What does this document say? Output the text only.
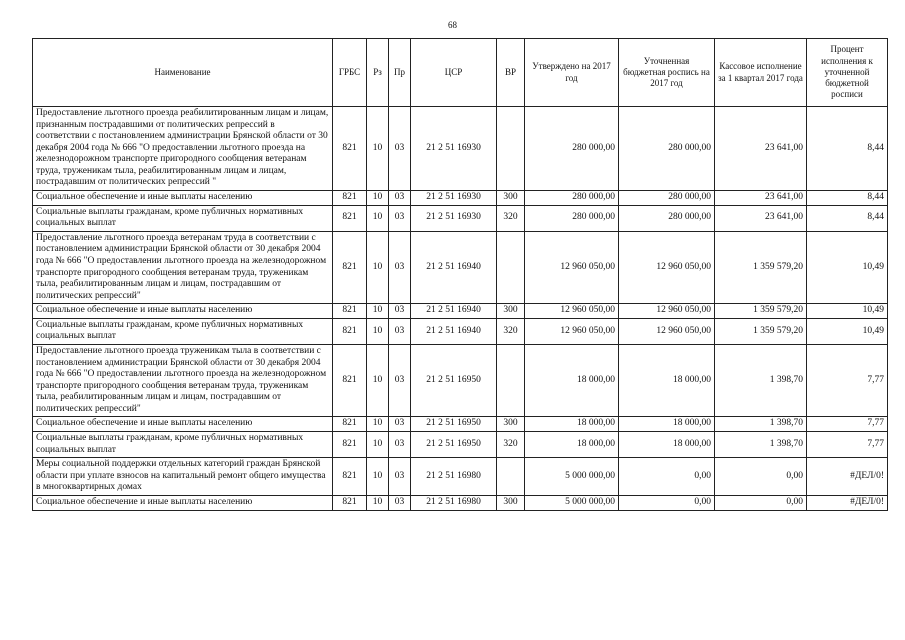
68
Наименование	ГРБС	Рз	Пр	ЦСР	ВР	Утверждено на 2017 год	Уточненная бюджетная роспись на 2017 год	Кассовое исполнение за 1 квартал 2017 года	Процент исполнения к уточненной бюджетной росписи
Предоставление льготного проезда реабилитированным лицам и лицам, признанным пострадавшими от политических репрессий в соответствии с постановлением администрации Брянской области от 30 декабря 2004 года № 666 "О предоставлении льготного проезда на железнодорожном транспорте пригородного сообщения ветеранам труда, труженикам тыла, реабилитированным лицам и лицам, пострадавшим от политических репрессий "	821	10	03	21 2 51 16930		280 000,00	280 000,00	23 641,00	8,44
Социальное обеспечение и иные выплаты населению	821	10	03	21 2 51 16930	300	280 000,00	280 000,00	23 641,00	8,44
Социальные выплаты гражданам, кроме публичных нормативных социальных выплат	821	10	03	21 2 51 16930	320	280 000,00	280 000,00	23 641,00	8,44
Предоставление льготного проезда ветеранам труда в соответствии с постановлением администрации Брянской области от 30 декабря 2004 года № 666 "О предоставлении льготного проезда на железнодорожном транспорте пригородного сообщения ветеранам труда, труженикам тыла, реабилитированным лицам и лицам, пострадавшим от политических репрессий"	821	10	03	21 2 51 16940		12 960 050,00	12 960 050,00	1 359 579,20	10,49
Социальное обеспечение и иные выплаты населению	821	10	03	21 2 51 16940	300	12 960 050,00	12 960 050,00	1 359 579,20	10,49
Социальные выплаты гражданам, кроме публичных нормативных социальных выплат	821	10	03	21 2 51 16940	320	12 960 050,00	12 960 050,00	1 359 579,20	10,49
Предоставление льготного проезда труженикам тыла в соответствии с постановлением администрации Брянской области от 30 декабря 2004 года № 666 "О предоставлении льготного проезда на железнодорожном транспорте пригородного сообщения ветеранам труда, труженикам тыла, реабилитированным лицам и лицам, пострадавшим от политических репрессий"	821	10	03	21 2 51 16950		18 000,00	18 000,00	1 398,70	7,77
Социальное обеспечение и иные выплаты населению	821	10	03	21 2 51 16950	300	18 000,00	18 000,00	1 398,70	7,77
Социальные выплаты гражданам, кроме публичных нормативных социальных выплат	821	10	03	21 2 51 16950	320	18 000,00	18 000,00	1 398,70	7,77
Меры социальной поддержки отдельных категорий граждан Брянской области при уплате взносов на капитальный ремонт общего имущества в многоквартирных домах	821	10	03	21 2 51 16980		5 000 000,00	0,00	0,00	#ДЕЛ/0!
Социальное обеспечение и иные выплаты населению	821	10	03	21 2 51 16980	300	5 000 000,00	0,00	0,00	#ДЕЛ/0!
